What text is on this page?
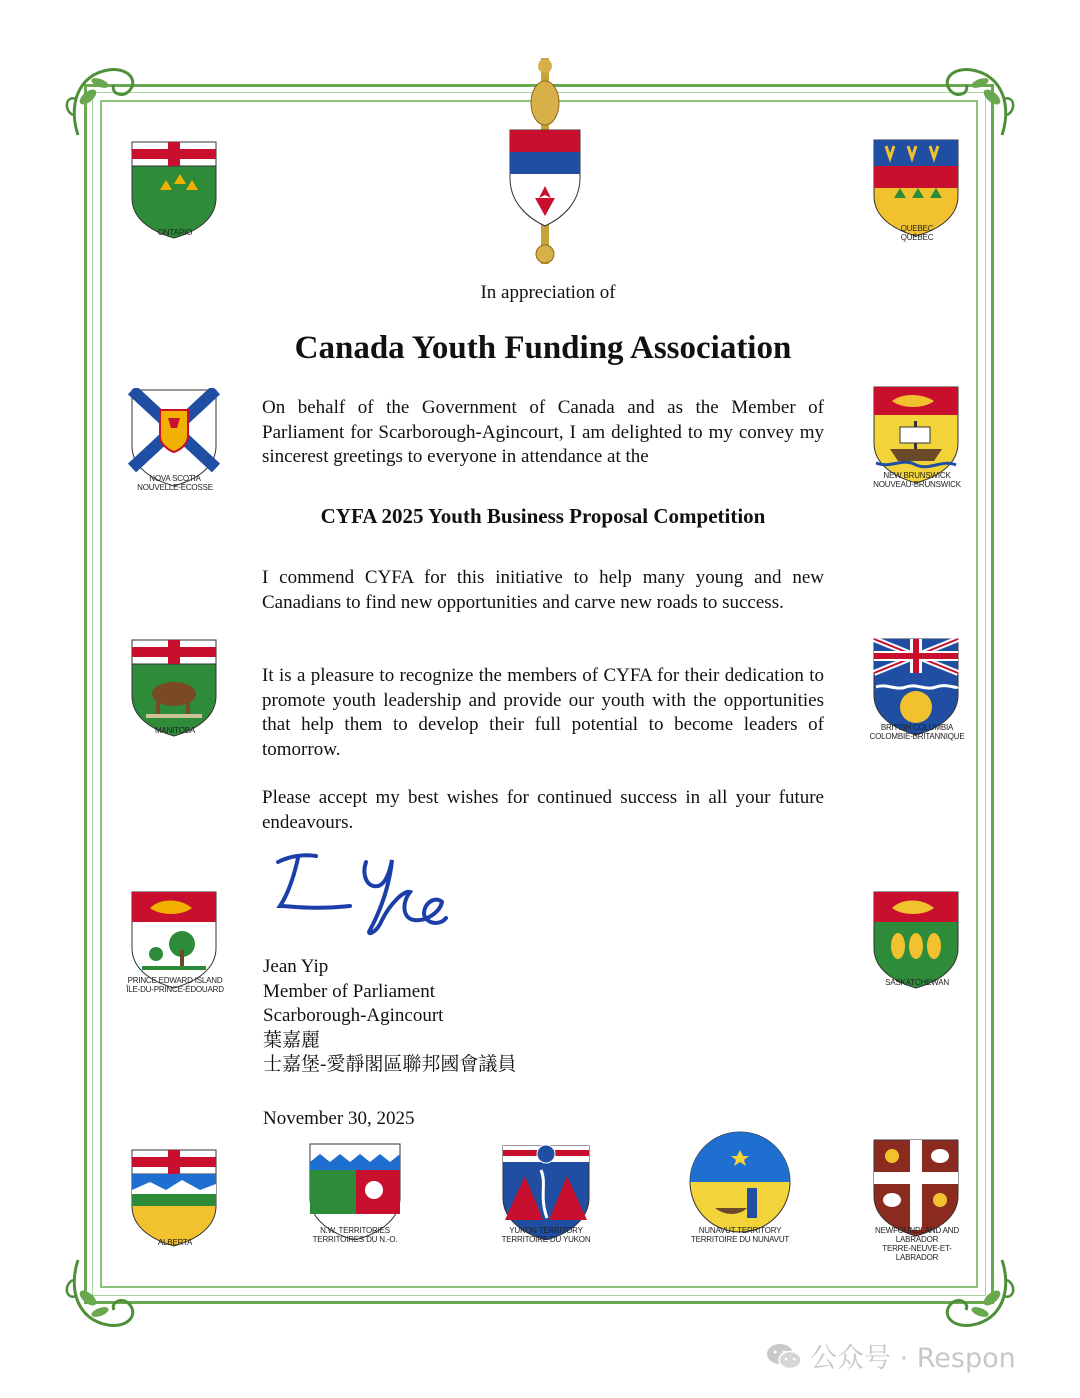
ONTARIO
NOVA SCOTIA
NOUVELLE-ÉCOSSE
MANITOBA
PRINCE EDWARD ISLAND
ÎLE-DU-PRINCE-ÉDOUARD
ALBERTA
N.W. TERRITORIES
TERRITOIRES DU N.-O.
YUKON TERRITORY
TERRITOIRE DU YUKON
NUNAVUT TERRITORY
TERRITOIRE DU NUNAVUT
QUEBEC
QUÉBEC
NEW BRUNSWICK
NOUVEAU-BRUNSWICK
BRITISH COLUMBIA
COLOMBIE-BRITANNIQUE
SASKATCHEWAN
NEWFOUNDLAND AND LABRADOR
TERRE-NEUVE-ET-LABRADOR
In appreciation of
Canada Youth Funding Association
On behalf of the Government of Canada and as the Member of Parliament for Scarborough-Agincourt, I am delighted to my convey my sincerest greetings to everyone in attendance at the
CYFA 2025 Youth Business Proposal Competition
I commend CYFA for this initiative to help many young and new Canadians to find new opportunities and carve new roads to success.
It is a pleasure to recognize the members of CYFA for their dedication to promote youth leadership and provide our youth with the opportunities that help them to develop their full potential to become leaders of tomorrow.
Please accept my best wishes for continued success in all your future endeavours.
Jean Yip
Member of Parliament
Scarborough-Agincourt
葉嘉麗
士嘉堡-愛靜閣區聯邦國會議員
November 30, 2025
公众号 · Respon
